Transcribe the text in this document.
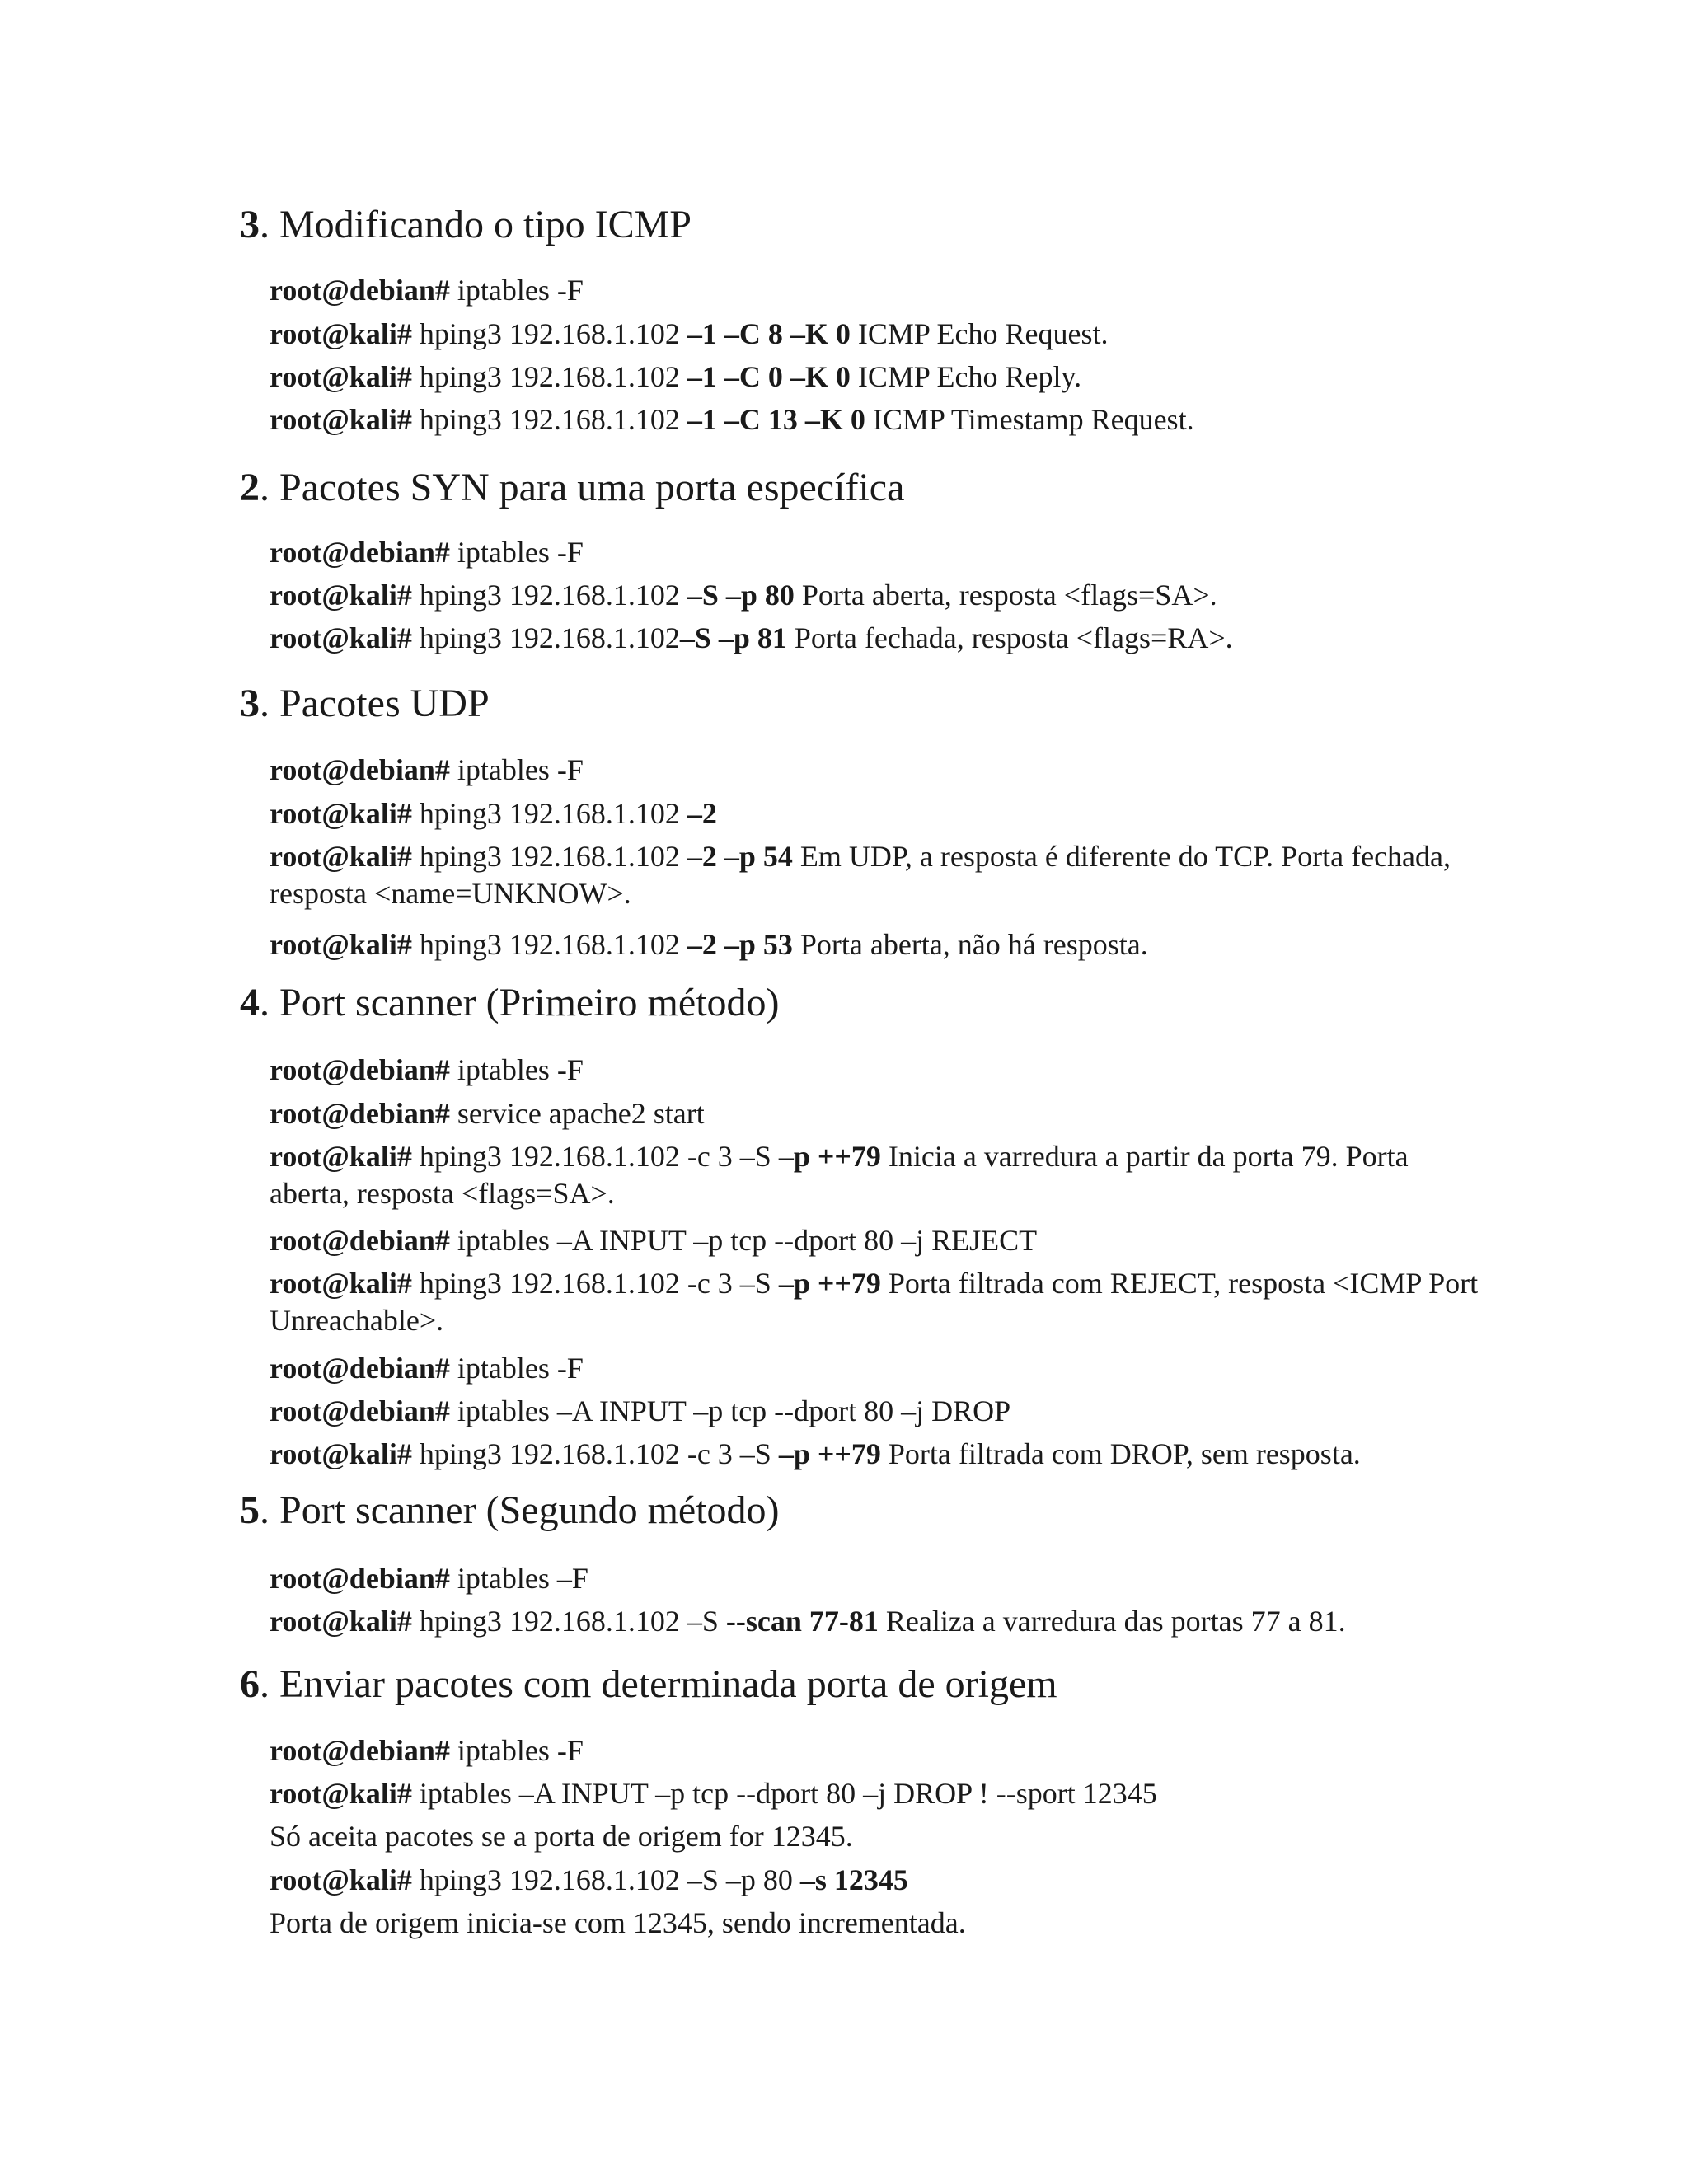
3. Modificando o tipo ICMP

root@debian# iptables -F

root@kali# hping3 192.168.1.102 –1 –C 8 –K 0 ICMP Echo Request.

root@kali# hping3 192.168.1.102 –1 –C 0 –K 0 ICMP Echo Reply.

root@kali# hping3 192.168.1.102 –1 –C 13 –K 0 ICMP Timestamp Request.

2. Pacotes SYN para uma porta específica

root@debian# iptables -F

root@kali# hping3 192.168.1.102 –S –p 80 Porta aberta, resposta <flags=SA>.

root@kali# hping3 192.168.1.102–S –p 81 Porta fechada, resposta <flags=RA>.

3. Pacotes UDP

root@debian# iptables -F

root@kali# hping3 192.168.1.102 –2

root@kali# hping3 192.168.1.102 –2 –p 54 Em UDP, a resposta é diferente do TCP. Porta fechada, resposta <name=UNKNOW>.

root@kali# hping3 192.168.1.102 –2 –p 53 Porta aberta, não há resposta.

4. Port scanner (Primeiro método)

root@debian# iptables -F

root@debian# service apache2 start

root@kali# hping3 192.168.1.102 -c 3 –S –p ++79 Inicia a varredura a partir da porta 79. Porta aberta, resposta <flags=SA>.

root@debian# iptables –A INPUT –p tcp --dport 80 –j REJECT

root@kali# hping3 192.168.1.102 -c 3 –S –p ++79 Porta filtrada com REJECT, resposta <ICMP Port Unreachable>.

root@debian# iptables -F

root@debian# iptables –A INPUT –p tcp --dport 80 –j DROP

root@kali# hping3 192.168.1.102 -c 3 –S –p ++79 Porta filtrada com DROP, sem resposta.

5. Port scanner (Segundo método)

root@debian# iptables –F

root@kali# hping3 192.168.1.102 –S --scan 77-81 Realiza a varredura das portas 77 a 81.

6. Enviar pacotes com determinada porta de origem

root@debian# iptables -F

root@kali# iptables –A INPUT –p tcp --dport 80 –j DROP ! --sport 12345

Só aceita pacotes se a porta de origem for 12345.

root@kali# hping3 192.168.1.102 –S –p 80 –s 12345

Porta de origem inicia-se com 12345, sendo incrementada.
